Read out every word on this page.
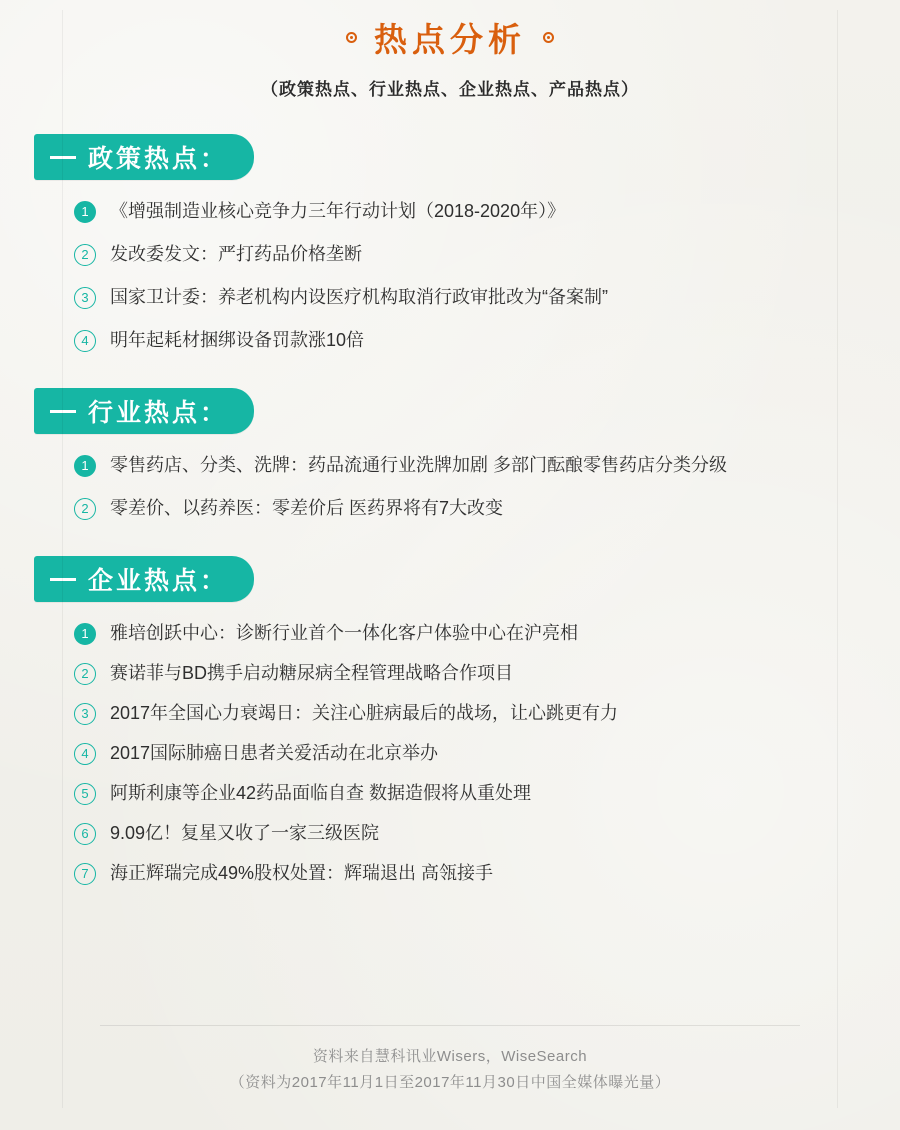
热点分析
（政策热点、行业热点、企业热点、产品热点）
政策热点：
1	《增强制造业核心竞争力三年行动计划（2018-2020年）》
2	发改委发文：严打药品价格垄断
3	国家卫计委：养老机构内设医疗机构取消行政审批改为“备案制”
4	明年起耗材捆绑设备罚款涨10倍
行业热点：
1	零售药店、分类、洗牌：药品流通行业洗牌加剧 多部门酝酿零售药店分类分级
2	零差价、以药养医：零差价后 医药界将有7大改变
企业热点：
1	雅培创跃中心：诊断行业首个一体化客户体验中心在沪亮相
2	赛诺菲与BD携手启动糖尿病全程管理战略合作项目
3	2017年全国心力衰竭日：关注心脏病最后的战场，让心跳更有力
4	2017国际肺癌日患者关爱活动在北京举办
5	阿斯利康等企业42药品面临自查 数据造假将从重处理
6	9.09亿！复星又收了一家三级医院
7	海正辉瑞完成49%股权处置：辉瑞退出 高瓴接手
资料来自慧科讯业Wisers，WiseSearch
（资料为2017年11月1日至2017年11月30日中国全媒体曝光量）
